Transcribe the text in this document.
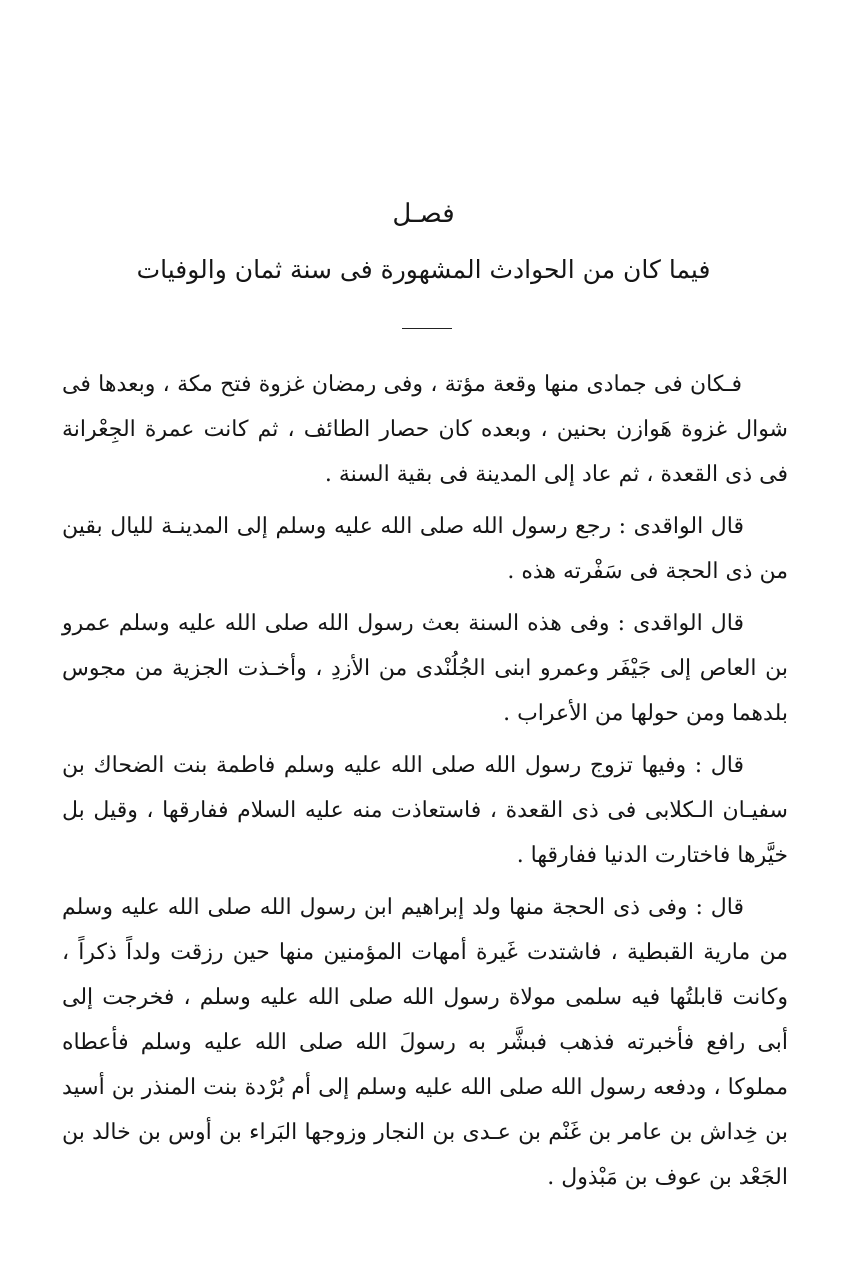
فصـل
فيما كان من الحوادث المشهورة فى سنة ثمان والوفيات

فـكان فى جمادى منها وقعة مؤتة ، وفى رمضان غزوة فتح مكة ، وبعدها فى شوال غزوة هَوازن بحنين ، وبعده كان حصار الطائف ، ثم كانت عمرة الجِعْرانة فى ذى القعدة ، ثم عاد إلى المدينة فى بقية السنة .

قال الواقدى : رجع رسول الله صلى الله عليه وسلم إلى المدينـة لليال بقين من ذى الحجة فى سَفْرته هذه .

قال الواقدى : وفى هذه السنة بعث رسول الله صلى الله عليه وسلم عمرو بن العاص إلى جَيْفَر وعمرو ابنى الجُلُنْدى من الأزدِ ، وأخـذت الجزية من مجوس بلدهما ومن حولها من الأعراب .

قال : وفيها تزوج رسول الله صلى الله عليه وسلم فاطمة بنت الضحاك بن سفيـان الـكلابى فى ذى القعدة ، فاستعاذت منه عليه السلام ففارقها ، وقيل بل خيَّرها فاختارت الدنيا ففارقها .

قال : وفى ذى الحجة منها ولد إبراهيم ابن رسول الله صلى الله عليه وسلم من مارية القبطية ، فاشتدت غَيرة أمهات المؤمنين منها حين رزقت ولداً ذكراً ، وكانت قابلتُها فيه سلمى مولاة رسول الله صلى الله عليه وسلم ، فخرجت إلى أبى رافع فأخبرته فذهب فبشَّر به رسولَ الله صلى الله عليه وسلم فأعطاه مملوكا ، ودفعه رسول الله صلى الله عليه وسلم إلى أم بُرْدة بنت المنذر بن أسيد بن خِداش بن عامر بن غَنْم بن عـدى بن النجار وزوجها البَراء بن أوس بن خالد بن الجَعْد بن عوف بن مَبْذول .
